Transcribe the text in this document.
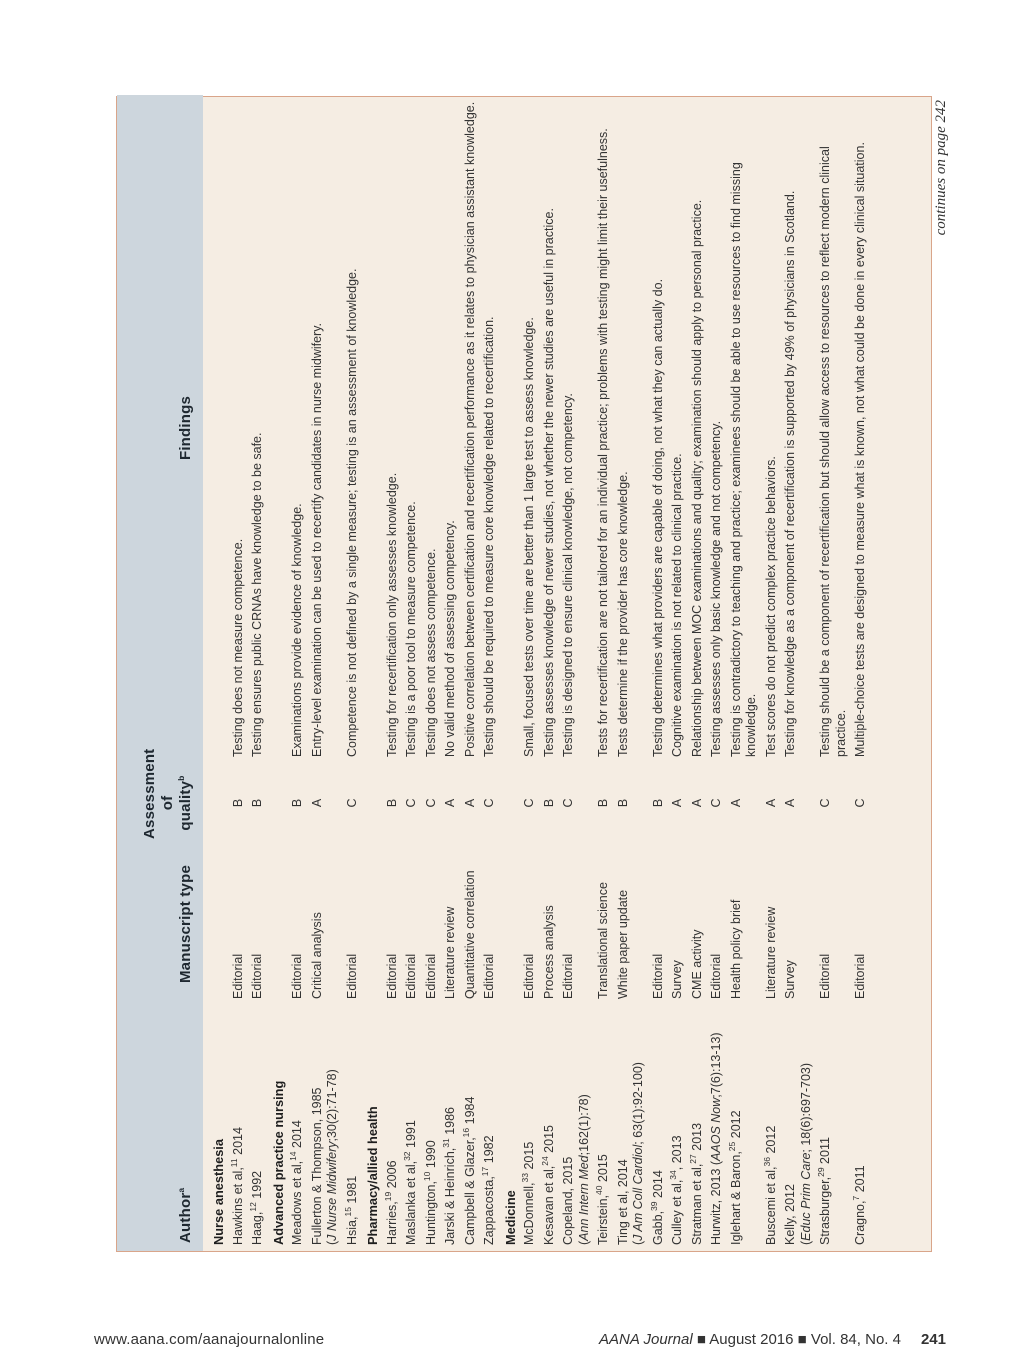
Author$^a$	Manuscript type	Assessment of quality$^b$	Findings
Nurse anesthesia			
Hawkins et al,$^{11}$ 2014	Editorial	B	Testing does not measure competence.
Haag,$^{12}$ 1992	Editorial	B	Testing ensures public CRNAs have knowledge to be safe.
Advanced practice nursing			
Meadows et al,$^{14}$ 2014	Editorial	B	Examinations provide evidence of knowledge.
Fullerton & Thompson, 1985 (J Nurse Midwifery;30(2):71-78)	Critical analysis	A	Entry-level examination can be used to recertify candidates in nurse midwifery.
Hsia,$^{15}$ 1981	Editorial	C	Competence is not defined by a single measure; testing is an assessment of knowledge.
Pharmacy/allied health			
Harries,$^{19}$ 2006	Editorial	B	Testing for recertification only assesses knowledge.
Maslanka et al,$^{32}$ 1991	Editorial	C	Testing is a poor tool to measure competence.
Huntington,$^{10}$ 1990	Editorial	C	Testing does not assess competence.
Jarski & Heinrich,$^{31}$ 1986	Literature review	A	No valid method of assessing competency.
Campbell & Glazer,$^{16}$ 1984	Quantitative correlation	A	Positive correlation between certification and recertification performance as it relates to physician assistant knowledge.
Zappacosta,$^{17}$ 1982	Editorial	C	Testing should be required to measure core knowledge related to recertification.
Medicine			
McDonnell,$^{33}$ 2015	Editorial	C	Small, focused tests over time are better than 1 large test to assess knowledge.
Kesavan et al,$^{24}$ 2015	Process analysis	B	Testing assesses knowledge of newer studies, not whether the newer studies are useful in practice.
Copeland, 2015 (Ann Intern Med;162(1):78)	Editorial	C	Testing is designed to ensure clinical knowledge, not competency.
Teirstein,$^{40}$ 2015	Translational science	B	Tests for recertification are not tailored for an individual practice; problems with testing might limit their usefulness.
Ting et al, 2014 (J Am Coll Cardiol; 63(1):92-100)	White paper update	B	Tests determine if the provider has core knowledge.
Gabb,$^{39}$ 2014	Editorial	B	Testing determines what providers are capable of doing, not what they can actually do.
Culley et al,$^{34}$, 2013	Survey	A	Cognitive examination is not related to clinical practice.
Stratman et al,$^{27}$ 2013	CME activity	A	Relationship between MOC examinations and quality; examination should apply to personal practice.
Hurwitz, 2013 (AAOS Now;7(6):13-13)	Editorial	C	Testing assesses only basic knowledge and not competency.
Iglehart & Baron,$^{25}$ 2012	Health policy brief	A	Testing is contradictory to teaching and practice; examinees should be able to use resources to find missing knowledge.
Buscemi et al,$^{36}$ 2012	Literature review	A	Test scores do not predict complex practice behaviors.
Kelly, 2012 (Educ Prim Care; 18(6):697-703)	Survey	A	Testing for knowledge as a component of recertification is supported by 49% of physicians in Scotland.
Strasburger,$^{29}$ 2011	Editorial	C	Testing should be a component of recertification but should allow access to resources to reflect modern clinical practice.
Cragno,$^7$ 2011	Editorial	C	Multiple-choice tests are designed to measure what is known, not what could be done in every clinical situation.	continues on page 242
www.aana.com/aanajournalonline	AANA Journal ■ August 2016 ■ Vol. 84, No. 4 241
